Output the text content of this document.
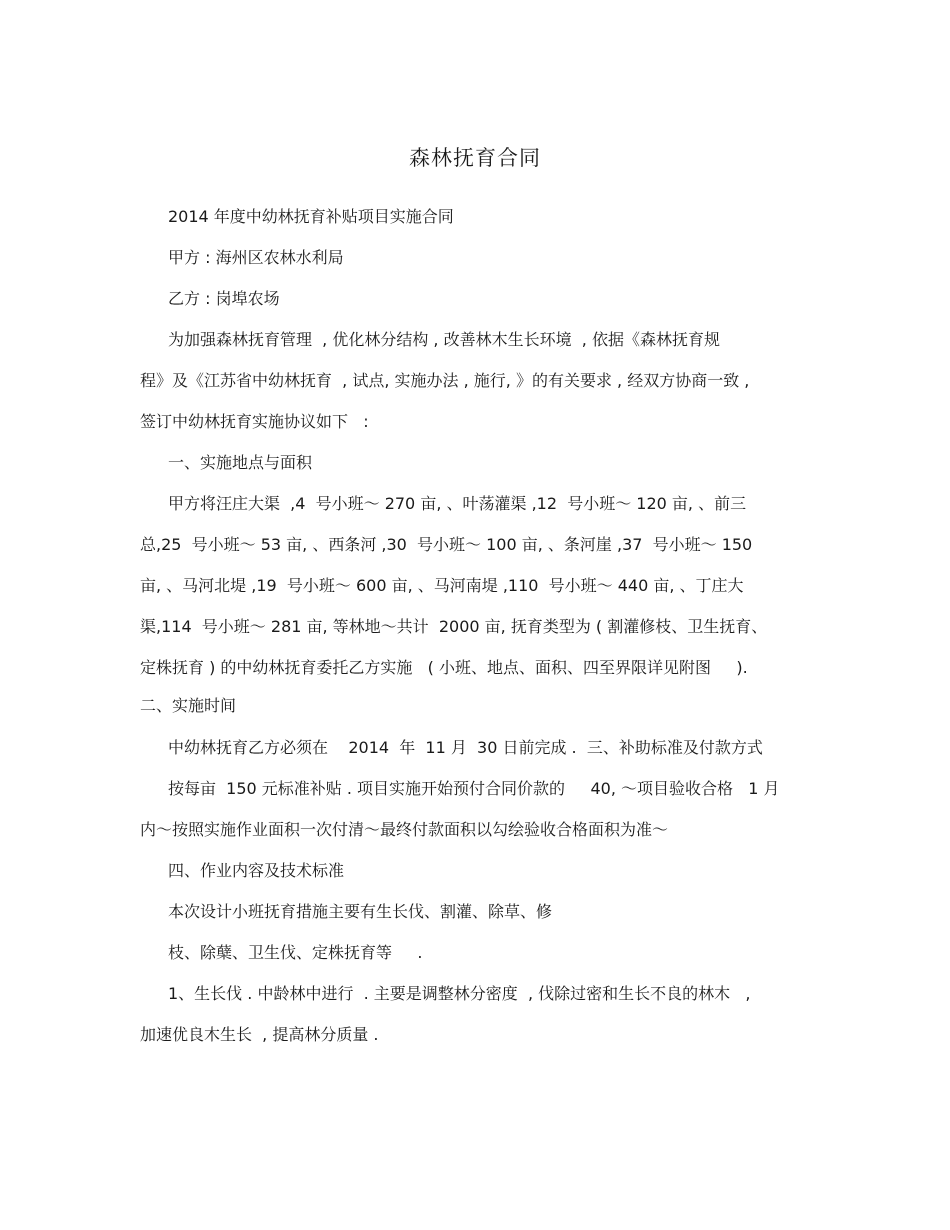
森林抚育合同
2014 年度中幼林抚育补贴项目实施合同
甲方 : 海州区农林水利局
乙方 : 岗埠农场
为加强森林抚育管理  , 优化林分结构 , 改善林木生长环境  , 依据《森林抚育规
程》及《江苏省中幼林抚育  , 试点, 实施办法 , 施行, 》的有关要求 , 经双方协商一致 ,
签订中幼林抚育实施协议如下   :
一、实施地点与面积
甲方将汪庄大渠  ,4  号小班～ 270 亩, 、叶荡灌渠 ,12  号小班～ 120 亩, 、前三
总,25  号小班～ 53 亩, 、西条河 ,30  号小班～ 100 亩, 、条河崖 ,37  号小班～ 150
亩, 、马河北堤 ,19  号小班～ 600 亩, 、马河南堤 ,110  号小班～ 440 亩, 、丁庄大
渠,114  号小班～ 281 亩, 等林地～共计  2000 亩, 抚育类型为 ( 割灌修枝、卫生抚育、
定株抚育 ) 的中幼林抚育委托乙方实施   ( 小班、地点、面积、四至界限详见附图     ).
二、实施时间
中幼林抚育乙方必须在    2014  年  11 月  30 日前完成 .  三、补助标准及付款方式
按每亩  150 元标准补贴 . 项目实施开始预付合同价款的     40, ～项目验收合格   1 月
内～按照实施作业面积一次付清～最终付款面积以勾绘验收合格面积为准～
四、作业内容及技术标准
本次设计小班抚育措施主要有生长伐、割灌、除草、修
枝、除蘖、卫生伐、定株抚育等     .
1、生长伐 . 中龄林中进行  . 主要是调整林分密度  , 伐除过密和生长不良的林木   ,
加速优良木生长  , 提高林分质量 .
